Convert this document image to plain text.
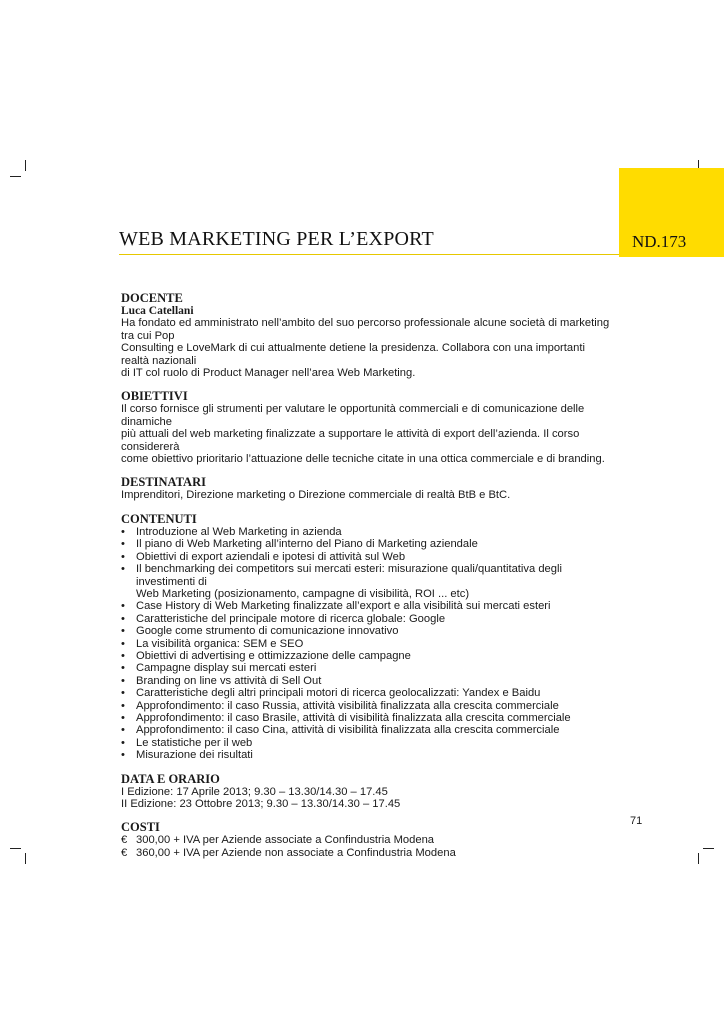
ND.173
WEB MARKETING PER L’EXPORT

DOCENTE

Luca Catellani

Ha fondato ed amministrato nell’ambito del suo percorso professionale alcune società di marketing tra cui Pop
Consulting e LoveMark di cui attualmente detiene la presidenza. Collabora con una importanti realtà nazionali
di IT col ruolo di Product Manager nell’area Web Marketing.

OBIETTIVI

Il corso fornisce gli strumenti per valutare le opportunità commerciali e di comunicazione delle dinamiche
più attuali del web marketing finalizzate a supportare le attività di export dell’azienda. Il corso considererà
come obiettivo prioritario l’attuazione delle tecniche citate in una ottica commerciale e di branding.

DESTINATARI

Imprenditori, Direzione marketing o Direzione commerciale di realtà BtB e BtC.

CONTENUTI

• Introduzione al Web Marketing in azienda
• Il piano di Web Marketing all’interno del Piano di Marketing aziendale
• Obiettivi di export aziendali e ipotesi di attività sul Web
• Il benchmarking dei competitors sui mercati esteri: misurazione quali/quantitativa degli investimenti di
Web Marketing (posizionamento, campagne di visibilità, ROI ... etc)
• Case History di Web Marketing finalizzate all’export e alla visibilità sui mercati esteri
• Caratteristiche del principale motore di ricerca globale: Google
• Google come strumento di comunicazione innovativo
• La visibilità organica: SEM e SEO
• Obiettivi di advertising e ottimizzazione delle campagne
• Campagne display sui mercati esteri
• Branding on line vs attività di Sell Out
• Caratteristiche degli altri principali motori di ricerca geolocalizzati: Yandex e Baidu
• Approfondimento: il caso Russia, attività visibilità finalizzata alla crescita commerciale
• Approfondimento: il caso Brasile, attività di visibilità finalizzata alla crescita commerciale
• Approfondimento: il caso Cina, attività di visibilità finalizzata alla crescita commerciale
• Le statistiche per il web
• Misurazione dei risultati

DATA E ORARIO

I Edizione: 17 Aprile 2013; 9.30 – 13.30/14.30 – 17.45

II Edizione: 23 Ottobre 2013; 9.30 – 13.30/14.30 – 17.45

COSTI

€ 300,00 + IVA per Aziende associate a Confindustria Modena
€ 360,00 + IVA per Aziende non associate a Confindustria Modena
71
